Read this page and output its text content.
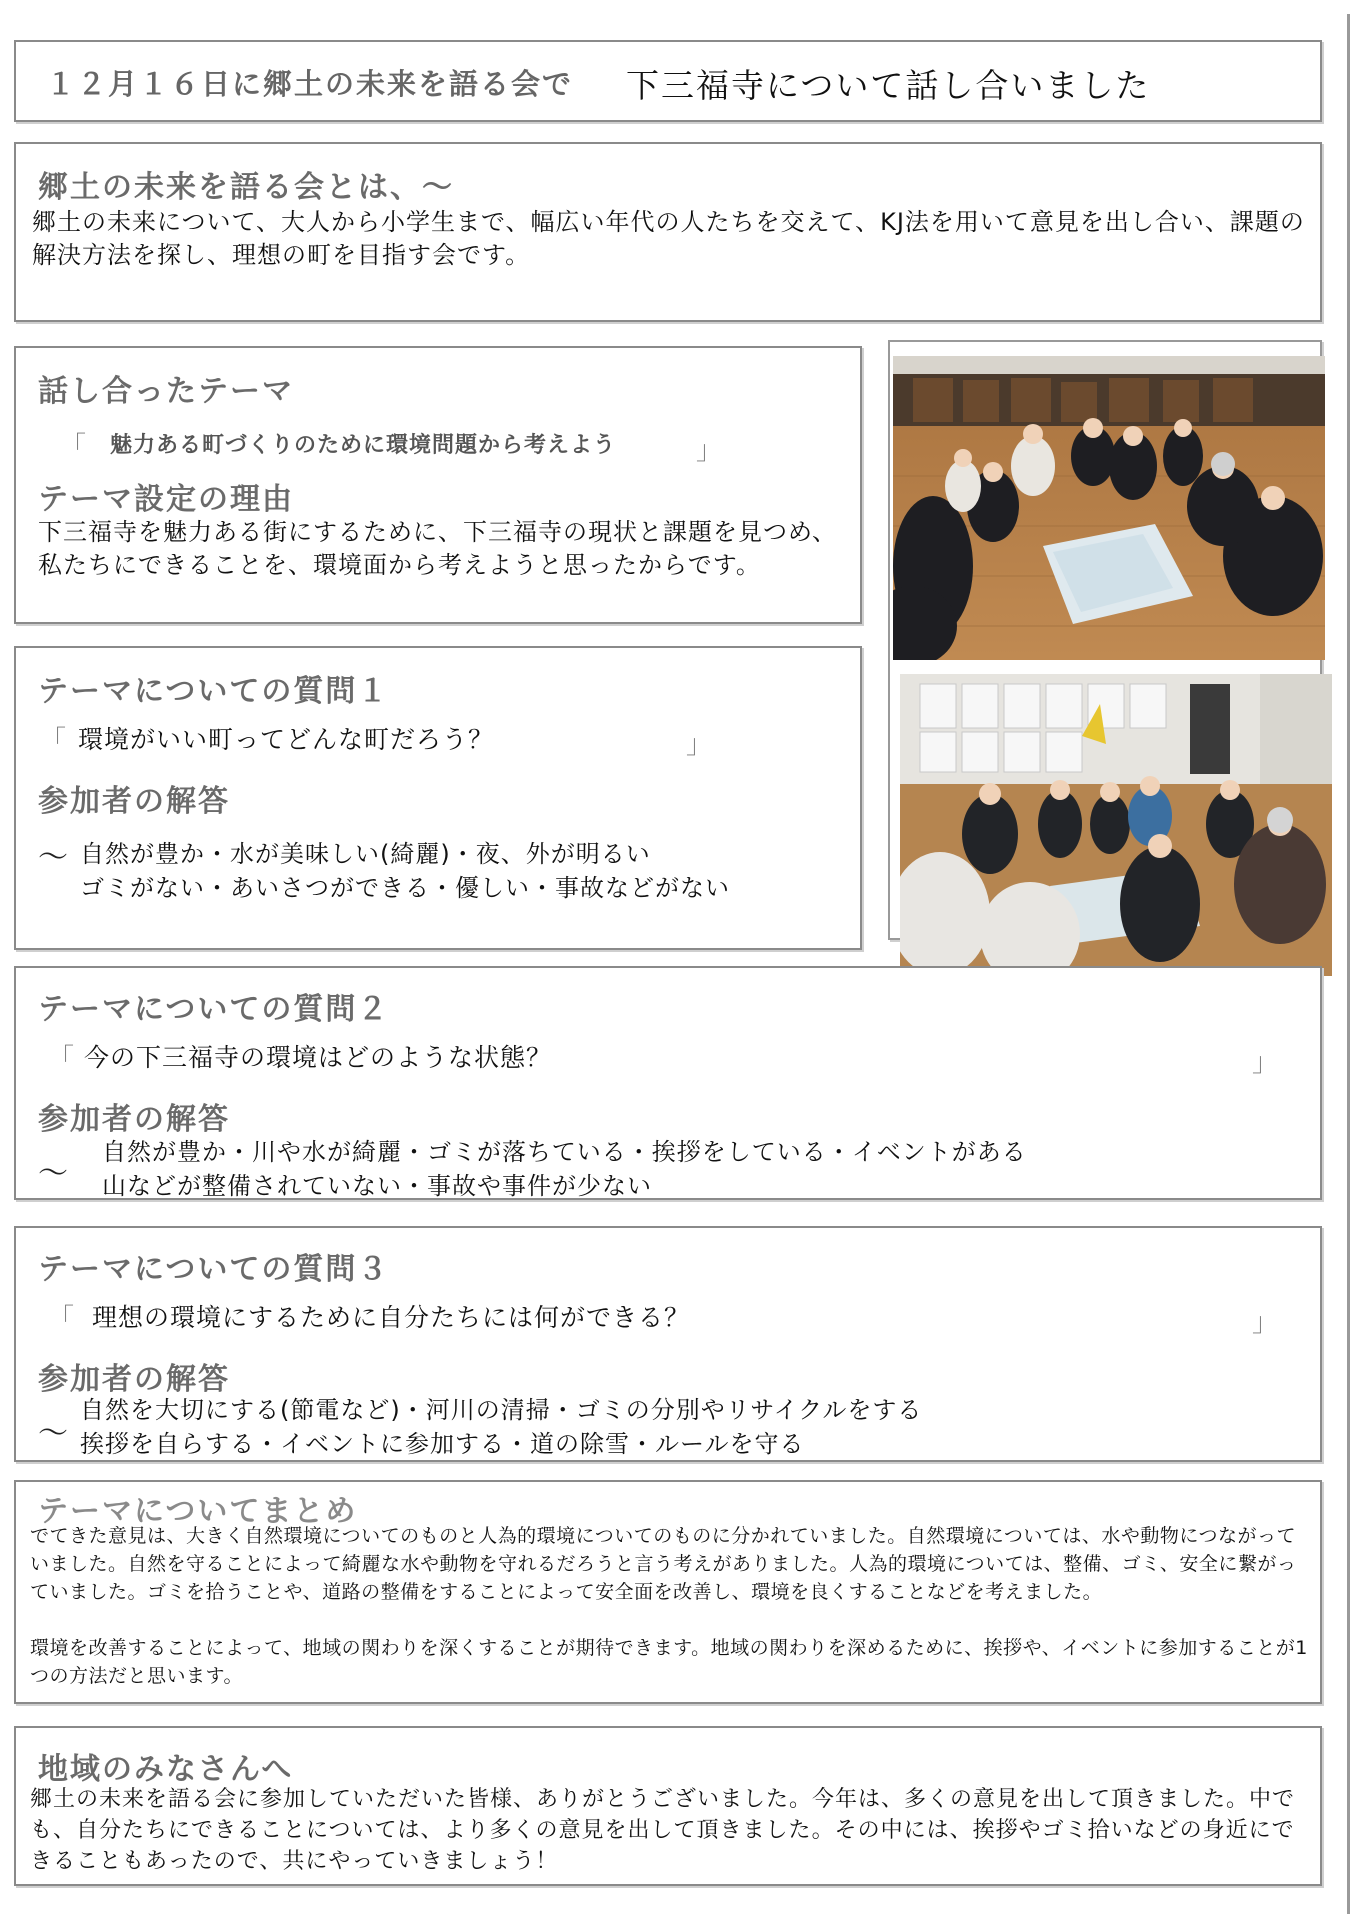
１２月１６日に郷土の未来を語る会で 下三福寺について話し合いました
郷土の未来を語る会とは、～
郷土の未来について、大人から小学生まで、幅広い年代の人たちを交えて、KJ法を用いて意見を出し合い、課題の解決方法を探し、理想の町を目指す会です。
話し合ったテーマ
「 魅力ある町づくりのために環境問題から考えよう	」
テーマ設定の理由
下三福寺を魅力ある街にするために、下三福寺の現状と課題を見つめ、私たちにできることを、環境面から考えようと思ったからです。
テーマについての質問１
「 環境がいい町ってどんな町だろう？	」
参加者の解答
～ 自然が豊か・水が美味しい(綺麗)・夜、外が明るい
ゴミがない・あいさつができる・優しい・事故などがない
テーマについての質問２
「 今の下三福寺の環境はどのような状態？	」
参加者の解答
～
自然が豊か・川や水が綺麗・ゴミが落ちている・挨拶をしている・イベントがある
山などが整備されていない・事故や事件が少ない
テーマについての質問３
「 理想の環境にするために自分たちには何ができる？	」
参加者の解答
～
自然を大切にする(節電など)・河川の清掃・ゴミの分別やリサイクルをする
挨拶を自らする・イベントに参加する・道の除雪・ルールを守る
テーマについてまとめ
でてきた意見は、大きく自然環境についてのものと人為的環境についてのものに分かれていました。自然環境については、水や動物につながっていました。自然を守ることによって綺麗な水や動物を守れるだろうと言う考えがありました。人為的環境については、整備、ゴミ、安全に繋がっていました。ゴミを拾うことや、道路の整備をすることによって安全面を改善し、環境を良くすることなどを考えました。
環境を改善することによって、地域の関わりを深くすることが期待できます。地域の関わりを深めるために、挨拶や、イベントに参加することが1つの方法だと思います。
地域のみなさんへ
郷土の未来を語る会に参加していただいた皆様、ありがとうございました。今年は、多くの意見を出して頂きました。中でも、自分たちにできることについては、より多くの意見を出して頂きました。その中には、挨拶やゴミ拾いなどの身近にできることもあったので、共にやっていきましょう！
